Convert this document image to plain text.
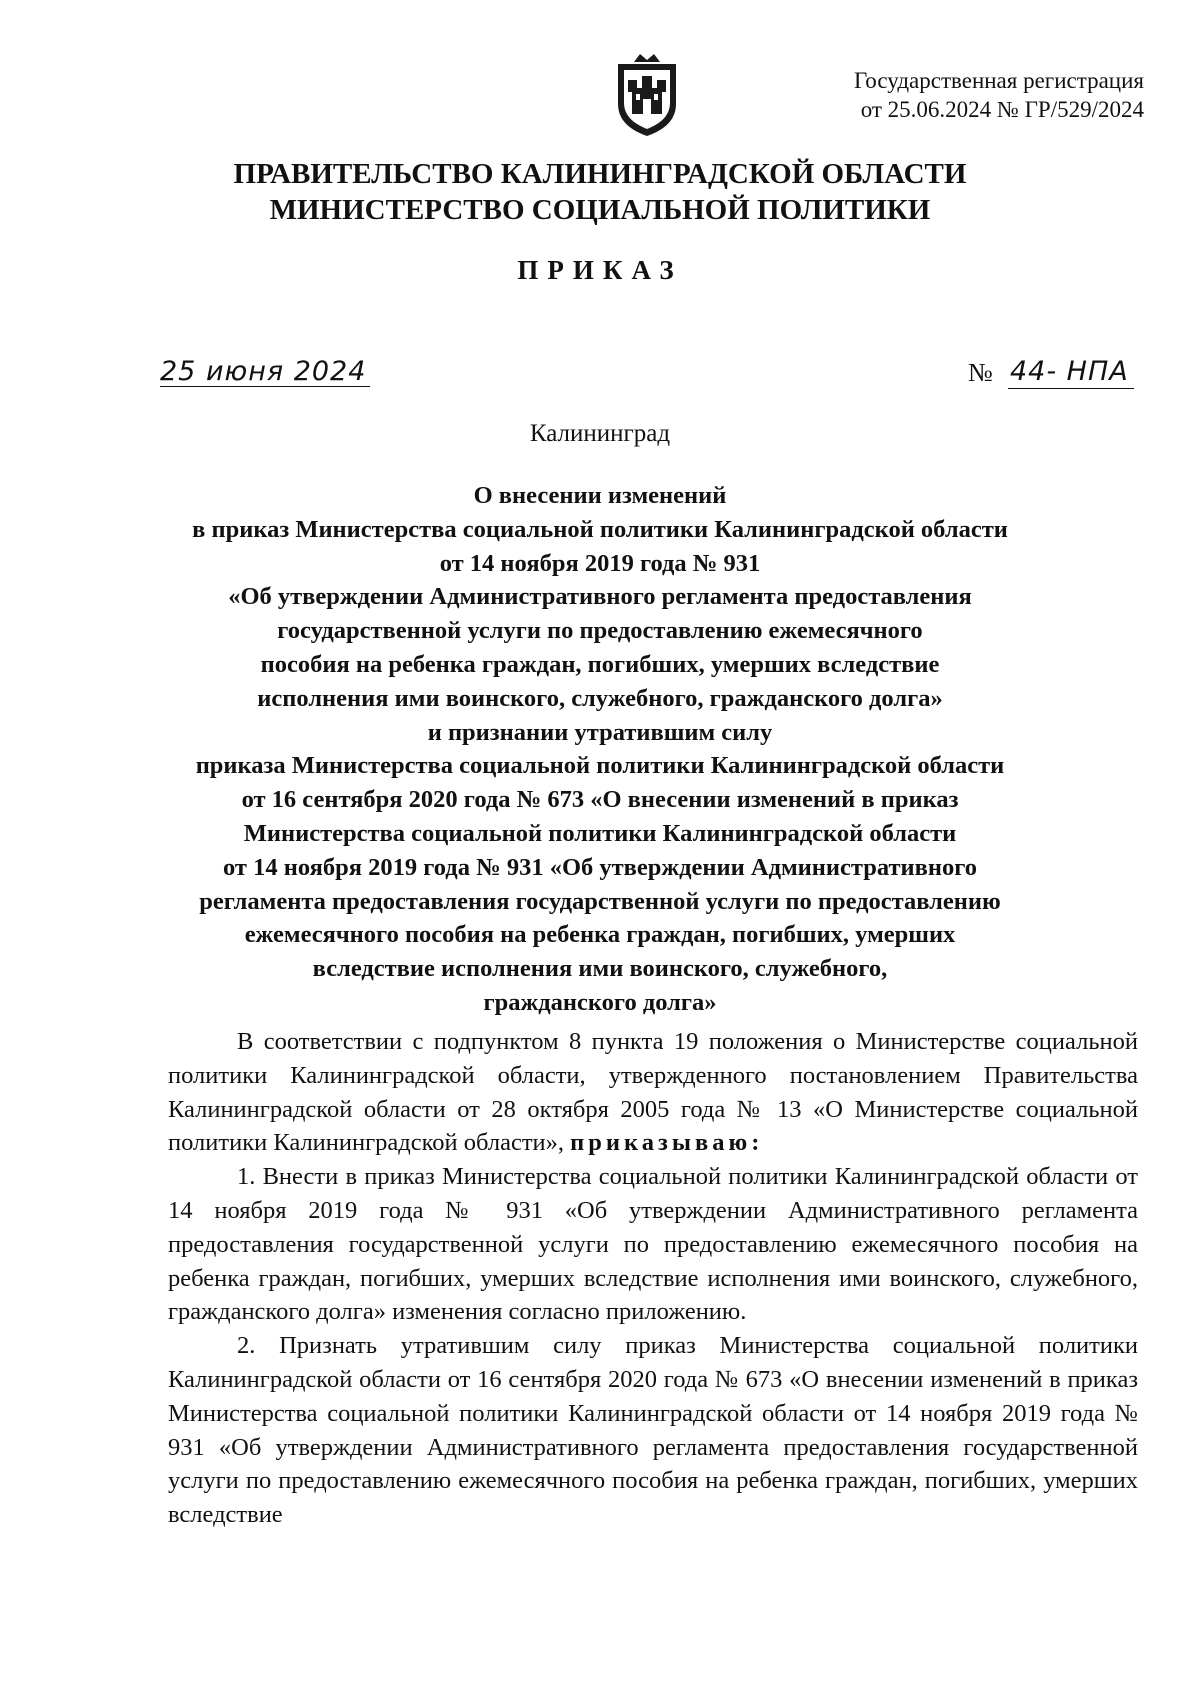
Государственная регистрация
от 25.06.2024 № ГР/529/2024
ПРАВИТЕЛЬСТВО КАЛИНИНГРАДСКОЙ ОБЛАСТИ
МИНИСТЕРСТВО СОЦИАЛЬНОЙ ПОЛИТИКИ
ПРИКАЗ
25 июня 2024	№ 44- НПА
Калининград
О внесении изменений
в приказ Министерства социальной политики Калининградской области
от 14 ноября 2019 года № 931
«Об утверждении Административного регламента предоставления
государственной услуги по предоставлению ежемесячного
пособия на ребенка граждан, погибших, умерших вследствие
исполнения ими воинского, служебного, гражданского долга»
и признании утратившим силу
приказа Министерства социальной политики Калининградской области
от 16 сентября 2020 года № 673 «О внесении изменений в приказ
Министерства социальной политики Калининградской области
от 14 ноября 2019 года № 931 «Об утверждении Административного
регламента предоставления государственной услуги по предоставлению
ежемесячного пособия на ребенка граждан, погибших, умерших
вследствие исполнения ими воинского, служебного,
гражданского долга»
В соответствии с подпунктом 8 пункта 19 положения о Министерстве социальной политики Калининградской области, утвержденного постановлением Правительства Калининградской области от 28 октября 2005 года № 13 «О Министерстве социальной политики Калининградской области», приказываю:
1. Внести в приказ Министерства социальной политики Калининградской области от 14 ноября 2019 года № 931 «Об утверждении Административного регламента предоставления государственной услуги по предоставлению ежемесячного пособия на ребенка граждан, погибших, умерших вследствие исполнения ими воинского, служебного, гражданского долга» изменения согласно приложению.
2. Признать утратившим силу приказ Министерства социальной политики Калининградской области от 16 сентября 2020 года № 673 «О внесении изменений в приказ Министерства социальной политики Калининградской области от 14 ноября 2019 года № 931 «Об утверждении Административного регламента предоставления государственной услуги по предоставлению ежемесячного пособия на ребенка граждан, погибших, умерших вследствие
